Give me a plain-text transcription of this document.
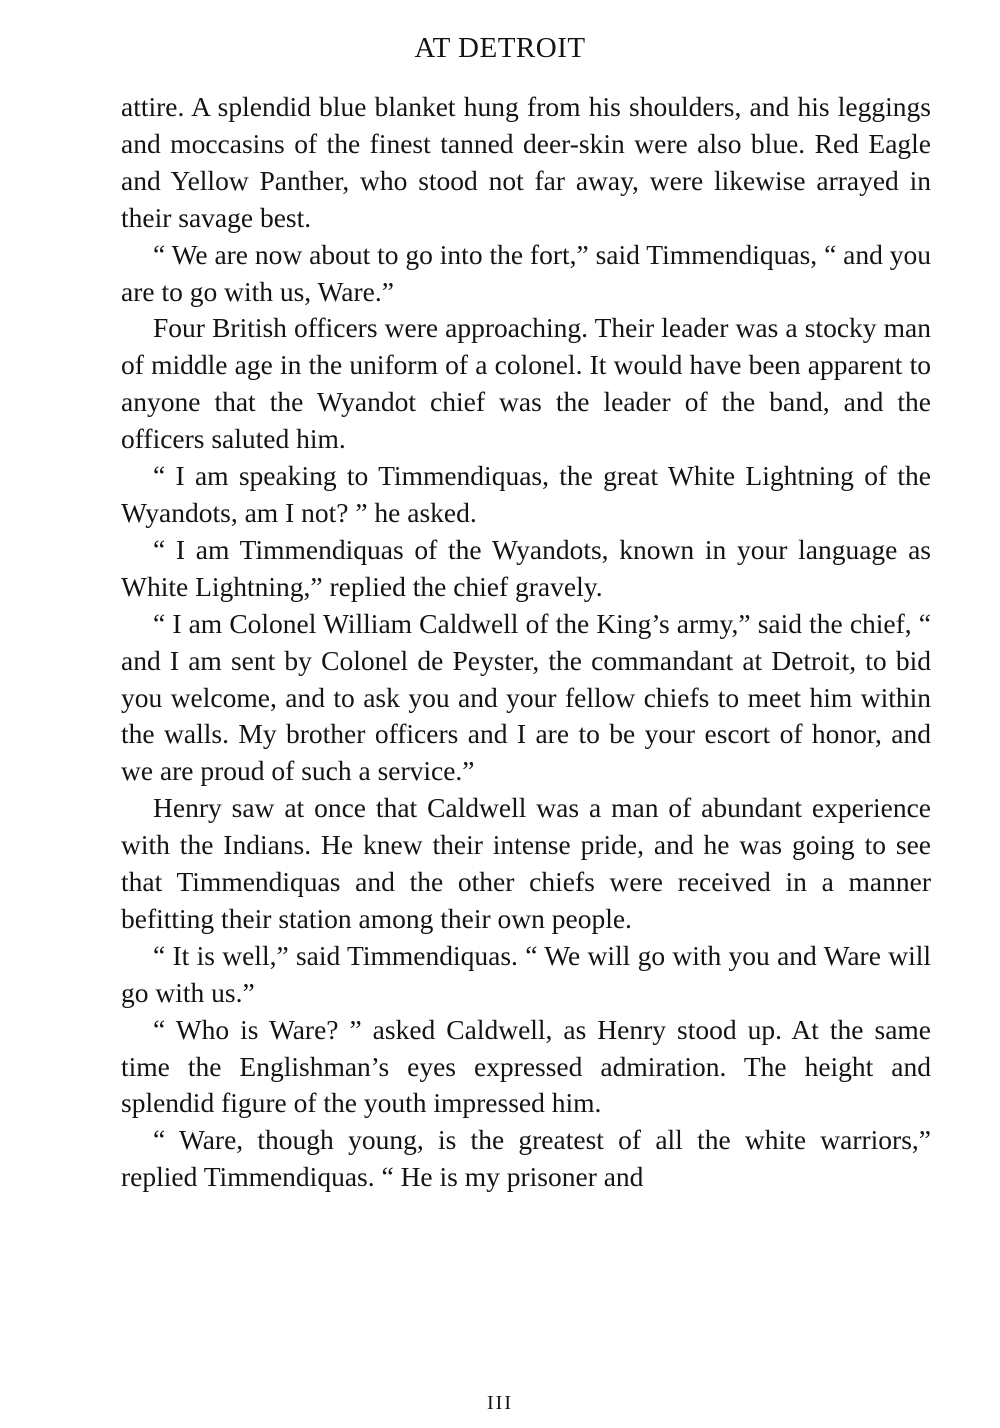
AT DETROIT

attire. A splendid blue blanket hung from his shoulders, and his leggings and moccasins of the finest tanned deer-skin were also blue. Red Eagle and Yellow Panther, who stood not far away, were likewise arrayed in their savage best.

“ We are now about to go into the fort,” said Timmendiquas, “ and you are to go with us, Ware.”

Four British officers were approaching. Their leader was a stocky man of middle age in the uniform of a colonel. It would have been apparent to anyone that the Wyandot chief was the leader of the band, and the officers saluted him.

“ I am speaking to Timmendiquas, the great White Lightning of the Wyandots, am I not? ” he asked.

“ I am Timmendiquas of the Wyandots, known in your language as White Lightning,” replied the chief gravely.

“ I am Colonel William Caldwell of the King’s army,” said the chief, “ and I am sent by Colonel de Peyster, the commandant at Detroit, to bid you welcome, and to ask you and your fellow chiefs to meet him within the walls. My brother officers and I are to be your escort of honor, and we are proud of such a service.”

Henry saw at once that Caldwell was a man of abundant experience with the Indians. He knew their intense pride, and he was going to see that Timmendiquas and the other chiefs were received in a manner befitting their station among their own people.

“ It is well,” said Timmendiquas. “ We will go with you and Ware will go with us.”

“ Who is Ware? ” asked Caldwell, as Henry stood up. At the same time the Englishman’s eyes expressed admiration. The height and splendid figure of the youth impressed him.

“ Ware, though young, is the greatest of all the white warriors,” replied Timmendiquas. “ He is my prisoner and

III
